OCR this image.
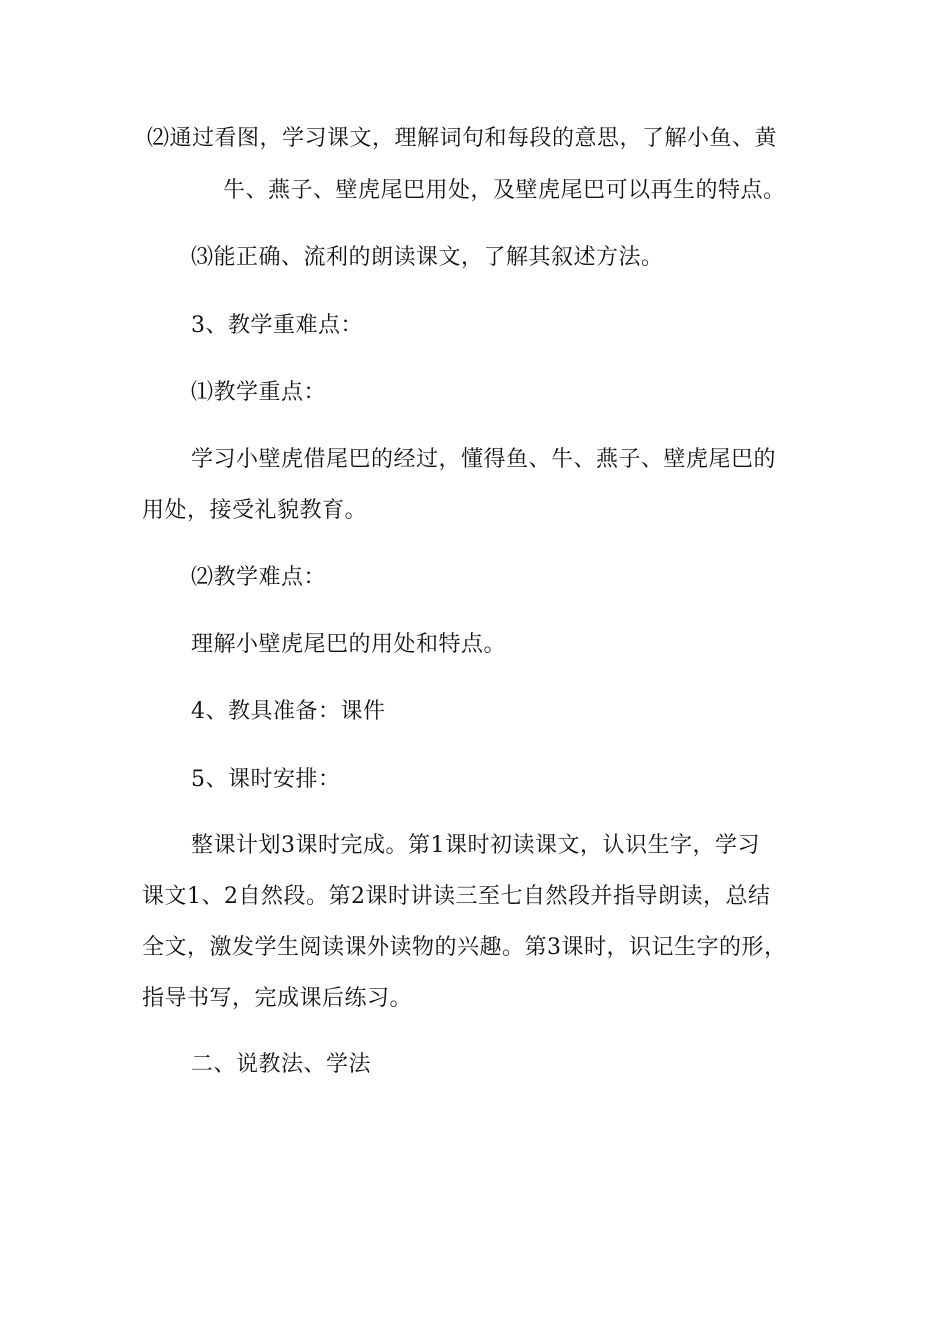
⑵通过看图，学习课文，理解词句和每段的意思，了解小鱼、黄
牛、燕子、壁虎尾巴用处，及壁虎尾巴可以再生的特点。
⑶能正确、流利的朗读课文，了解其叙述方法。
3、教学重难点：
⑴教学重点：
学习小壁虎借尾巴的经过，懂得鱼、牛、燕子、壁虎尾巴的
用处，接受礼貌教育。
⑵教学难点：
理解小壁虎尾巴的用处和特点。
4、教具准备：课件
5、课时安排：
整课计划3课时完成。第1课时初读课文，认识生字，学习
课文1、2自然段。第2课时讲读三至七自然段并指导朗读，总结
全文，激发学生阅读课外读物的兴趣。第3课时，识记生字的形，
指导书写，完成课后练习。
二、说教法、学法
